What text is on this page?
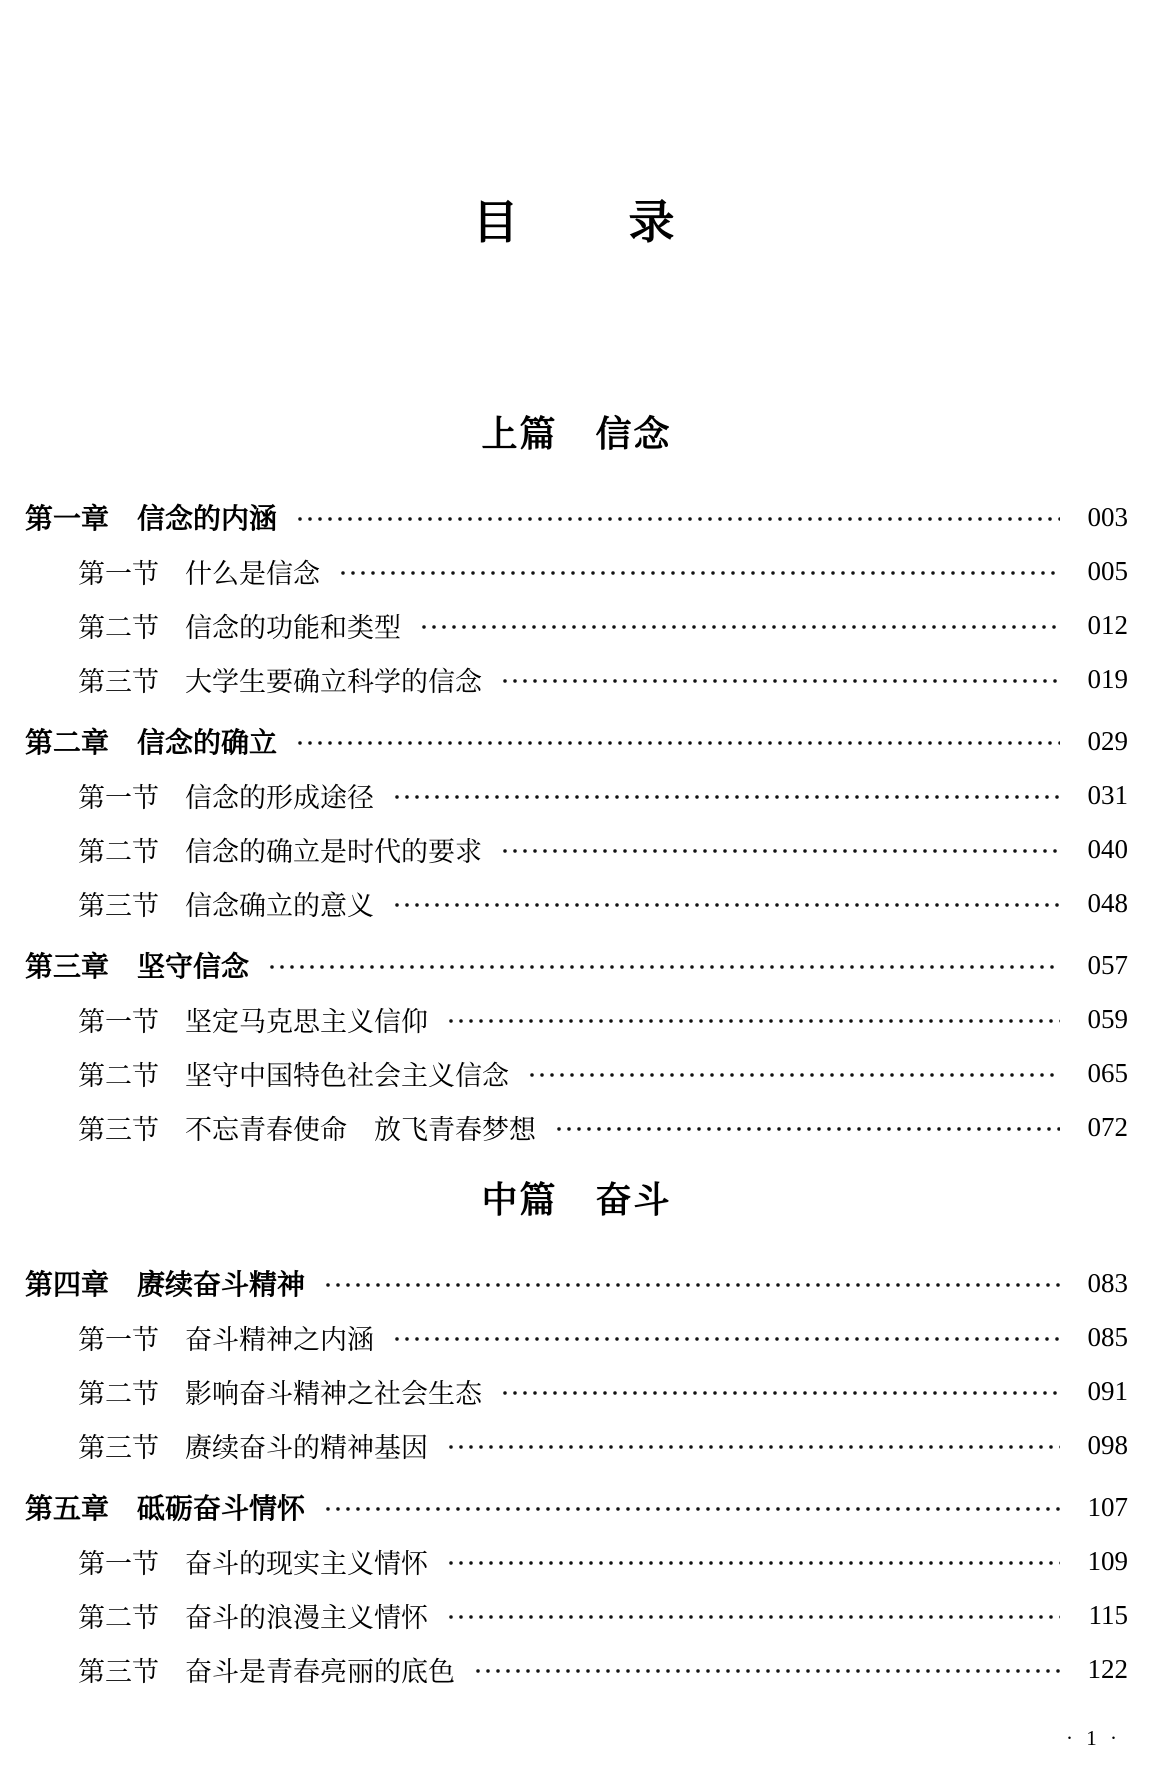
目　　录
上篇　信念
第一章 信念的内涵	003
第一节 什么是信念	005
第二节 信念的功能和类型	012
第三节 大学生要确立科学的信念	019
第二章 信念的确立	029
第一节 信念的形成途径	031
第二节 信念的确立是时代的要求	040
第三节 信念确立的意义	048
第三章 坚守信念	057
第一节 坚定马克思主义信仰	059
第二节 坚守中国特色社会主义信念	065
第三节 不忘青春使命　放飞青春梦想	072
中篇　奋斗
第四章 赓续奋斗精神	083
第一节 奋斗精神之内涵	085
第二节 影响奋斗精神之社会生态	091
第三节 赓续奋斗的精神基因	098
第五章 砥砺奋斗情怀	107
第一节 奋斗的现实主义情怀	109
第二节 奋斗的浪漫主义情怀	115
第三节 奋斗是青春亮丽的底色	122
· 1 ·
